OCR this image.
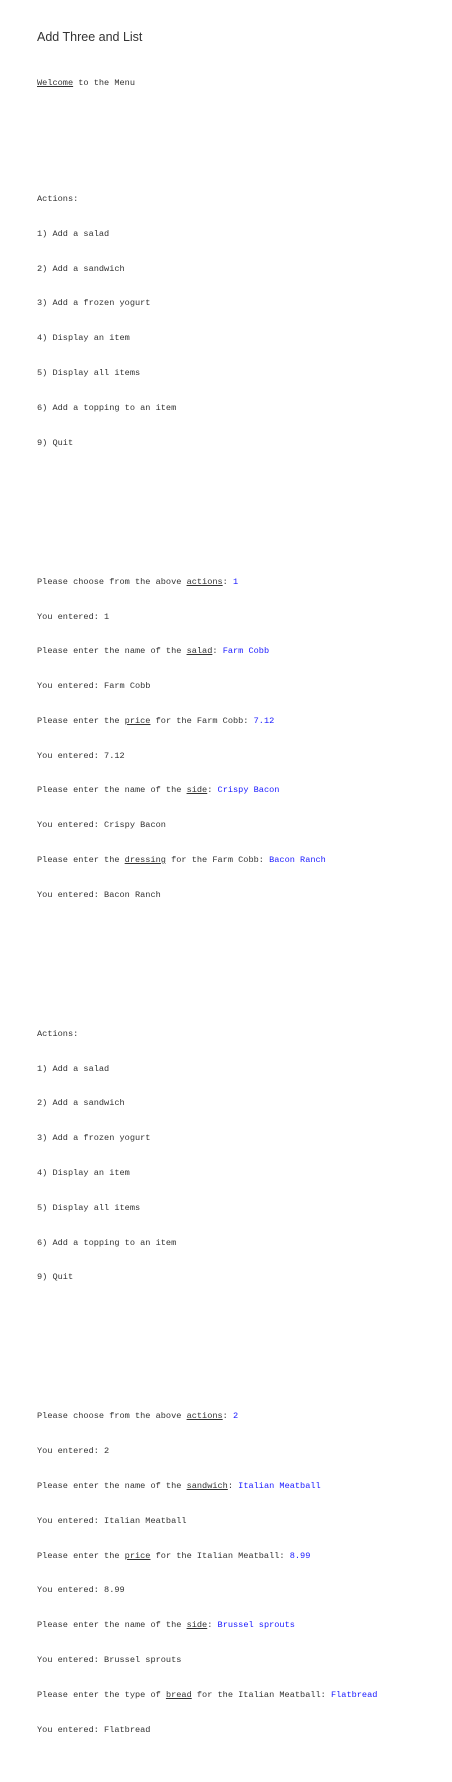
Add Three and List

Welcome to the Menu

Actions:

1) Add a salad

2) Add a sandwich

3) Add a frozen yogurt

4) Display an item

5) Display all items

6) Add a topping to an item

9) Quit

Please choose from the above actions: 1

You entered: 1

Please enter the name of the salad: Farm Cobb

You entered: Farm Cobb

Please enter the price for the Farm Cobb: 7.12

You entered: 7.12

Please enter the name of the side: Crispy Bacon

You entered: Crispy Bacon

Please enter the dressing for the Farm Cobb: Bacon Ranch

You entered: Bacon Ranch

Actions:

1) Add a salad

2) Add a sandwich

3) Add a frozen yogurt

4) Display an item

5) Display all items

6) Add a topping to an item

9) Quit

Please choose from the above actions: 2

You entered: 2

Please enter the name of the sandwich: Italian Meatball

You entered: Italian Meatball

Please enter the price for the Italian Meatball: 8.99

You entered: 8.99

Please enter the name of the side: Brussel sprouts

You entered: Brussel sprouts

Please enter the type of bread for the Italian Meatball: Flatbread

You entered: Flatbread
